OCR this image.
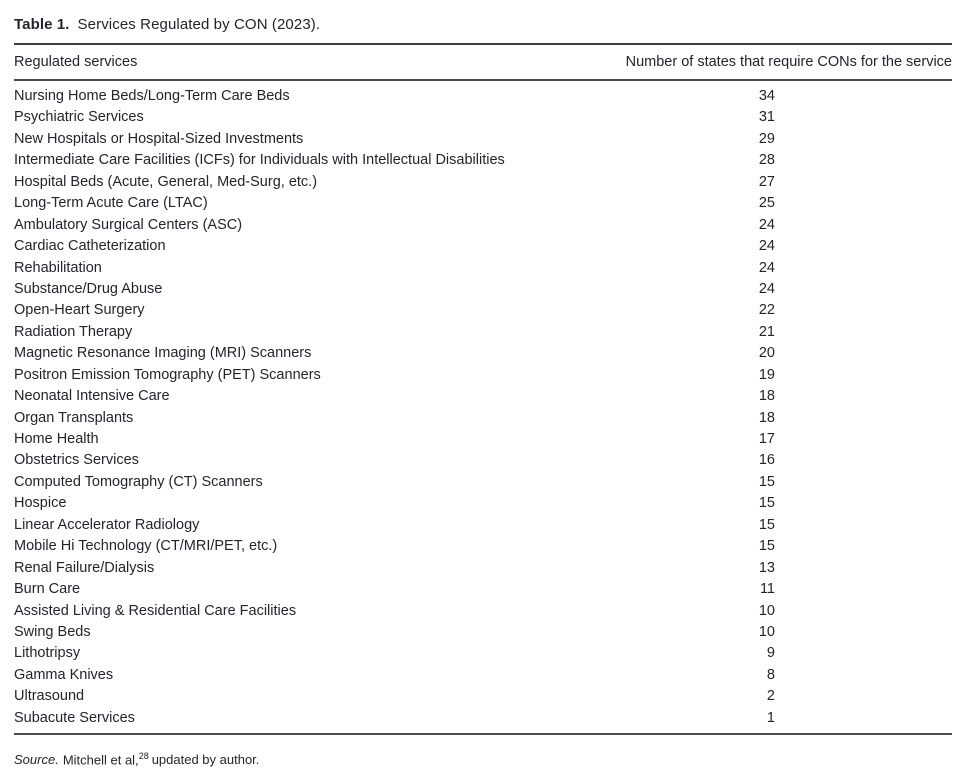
Table 1. Services Regulated by CON (2023).
Regulated services	Number of states that require CONs for the service
Nursing Home Beds/Long-Term Care Beds	34
Psychiatric Services	31
New Hospitals or Hospital-Sized Investments	29
Intermediate Care Facilities (ICFs) for Individuals with Intellectual Disabilities	28
Hospital Beds (Acute, General, Med-Surg, etc.)	27
Long-Term Acute Care (LTAC)	25
Ambulatory Surgical Centers (ASC)	24
Cardiac Catheterization	24
Rehabilitation	24
Substance/Drug Abuse	24
Open-Heart Surgery	22
Radiation Therapy	21
Magnetic Resonance Imaging (MRI) Scanners	20
Positron Emission Tomography (PET) Scanners	19
Neonatal Intensive Care	18
Organ Transplants	18
Home Health	17
Obstetrics Services	16
Computed Tomography (CT) Scanners	15
Hospice	15
Linear Accelerator Radiology	15
Mobile Hi Technology (CT/MRI/PET, etc.)	15
Renal Failure/Dialysis	13
Burn Care	11
Assisted Living & Residential Care Facilities	10
Swing Beds	10
Lithotripsy	9
Gamma Knives	8
Ultrasound	2
Subacute Services	1
Source. Mitchell et al,$^{28}$ updated by author.
